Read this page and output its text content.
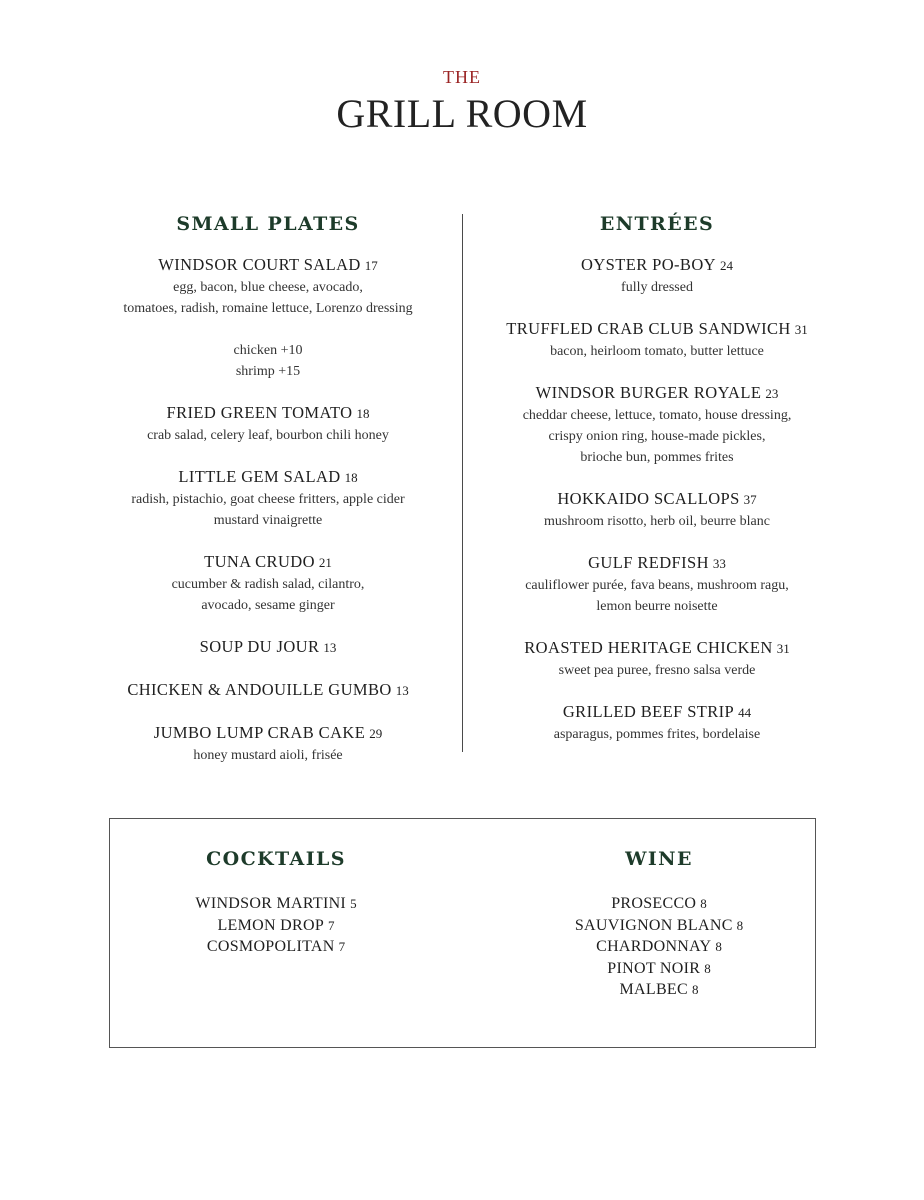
THE
GRILL ROOM
SMALL PLATES
WINDSOR COURT SALAD 17
egg, bacon, blue cheese, avocado,
tomatoes, radish, romaine lettuce, Lorenzo dressing
chicken +10
shrimp +15
FRIED GREEN TOMATO 18
crab salad, celery leaf, bourbon chili honey
LITTLE GEM SALAD 18
radish, pistachio, goat cheese fritters, apple cider
mustard vinaigrette
TUNA CRUDO 21
cucumber & radish salad, cilantro,
avocado, sesame ginger
SOUP DU JOUR 13
CHICKEN & ANDOUILLE GUMBO 13
JUMBO LUMP CRAB CAKE 29
honey mustard aioli, frisée
ENTRÉES
OYSTER PO-BOY 24
fully dressed
TRUFFLED CRAB CLUB SANDWICH 31
bacon, heirloom tomato, butter lettuce
WINDSOR BURGER ROYALE 23
cheddar cheese, lettuce, tomato, house dressing,
crispy onion ring, house-made pickles,
brioche bun, pommes frites
HOKKAIDO SCALLOPS 37
mushroom risotto, herb oil, beurre blanc
GULF REDFISH 33
cauliflower purée, fava beans, mushroom ragu,
lemon beurre noisette
ROASTED HERITAGE CHICKEN 31
sweet pea puree, fresno salsa verde
GRILLED BEEF STRIP 44
asparagus, pommes frites, bordelaise
COCKTAILS
WINDSOR MARTINI 5
LEMON DROP 7
COSMOPOLITAN 7
WINE
PROSECCO 8
SAUVIGNON BLANC 8
CHARDONNAY 8
PINOT NOIR 8
MALBEC 8
